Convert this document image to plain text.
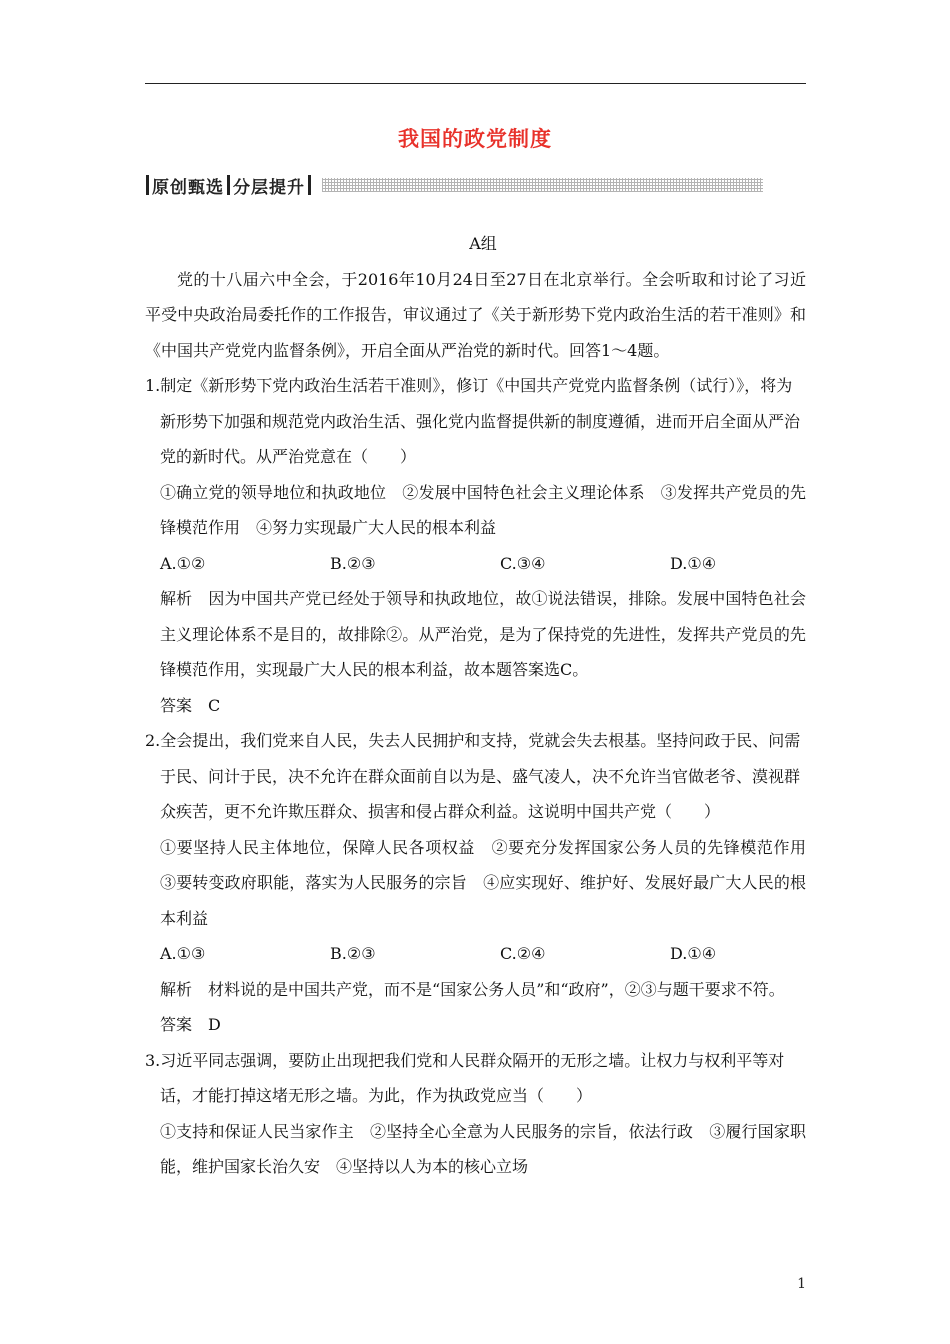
我国的政党制度
原创甄选 分层提升
A组
党的十八届六中全会，于2016年10月24日至27日在北京举行。全会听取和讨论了习近平受中央政治局委托作的工作报告，审议通过了《关于新形势下党内政治生活的若干准则》和《中国共产党党内监督条例》，开启全面从严治党的新时代。回答1～4题。
1.制定《新形势下党内政治生活若干准则》，修订《中国共产党党内监督条例（试行）》，将为
新形势下加强和规范党内政治生活、强化党内监督提供新的制度遵循，进而开启全面从严治党的新时代。从严治党意在（　　）
①确立党的领导地位和执政地位　②发展中国特色社会主义理论体系　③发挥共产党员的先锋模范作用　④努力实现最广大人民的根本利益
A.①②	B.②③	C.③④	D.①④
解析 因为中国共产党已经处于领导和执政地位，故①说法错误，排除。发展中国特色社会主义理论体系不是目的，故排除②。从严治党，是为了保持党的先进性，发挥共产党员的先锋模范作用，实现最广大人民的根本利益，故本题答案选C。
答案 C
2.全会提出，我们党来自人民，失去人民拥护和支持，党就会失去根基。坚持问政于民、问需
于民、问计于民，决不允许在群众面前自以为是、盛气凌人，决不允许当官做老爷、漠视群众疾苦，更不允许欺压群众、损害和侵占群众利益。这说明中国共产党（　　）
①要坚持人民主体地位，保障人民各项权益　②要充分发挥国家公务人员的先锋模范作用　③要转变政府职能，落实为人民服务的宗旨　④应实现好、维护好、发展好最广大人民的根本利益
A.①③	B.②③	C.②④	D.①④
解析 材料说的是中国共产党，而不是“国家公务人员”和“政府”，②③与题干要求不符。
答案 D
3.习近平同志强调，要防止出现把我们党和人民群众隔开的无形之墙。让权力与权利平等对
话，才能打掉这堵无形之墙。为此，作为执政党应当（　　）
①支持和保证人民当家作主　②坚持全心全意为人民服务的宗旨，依法行政　③履行国家职能，维护国家长治久安　④坚持以人为本的核心立场
1
